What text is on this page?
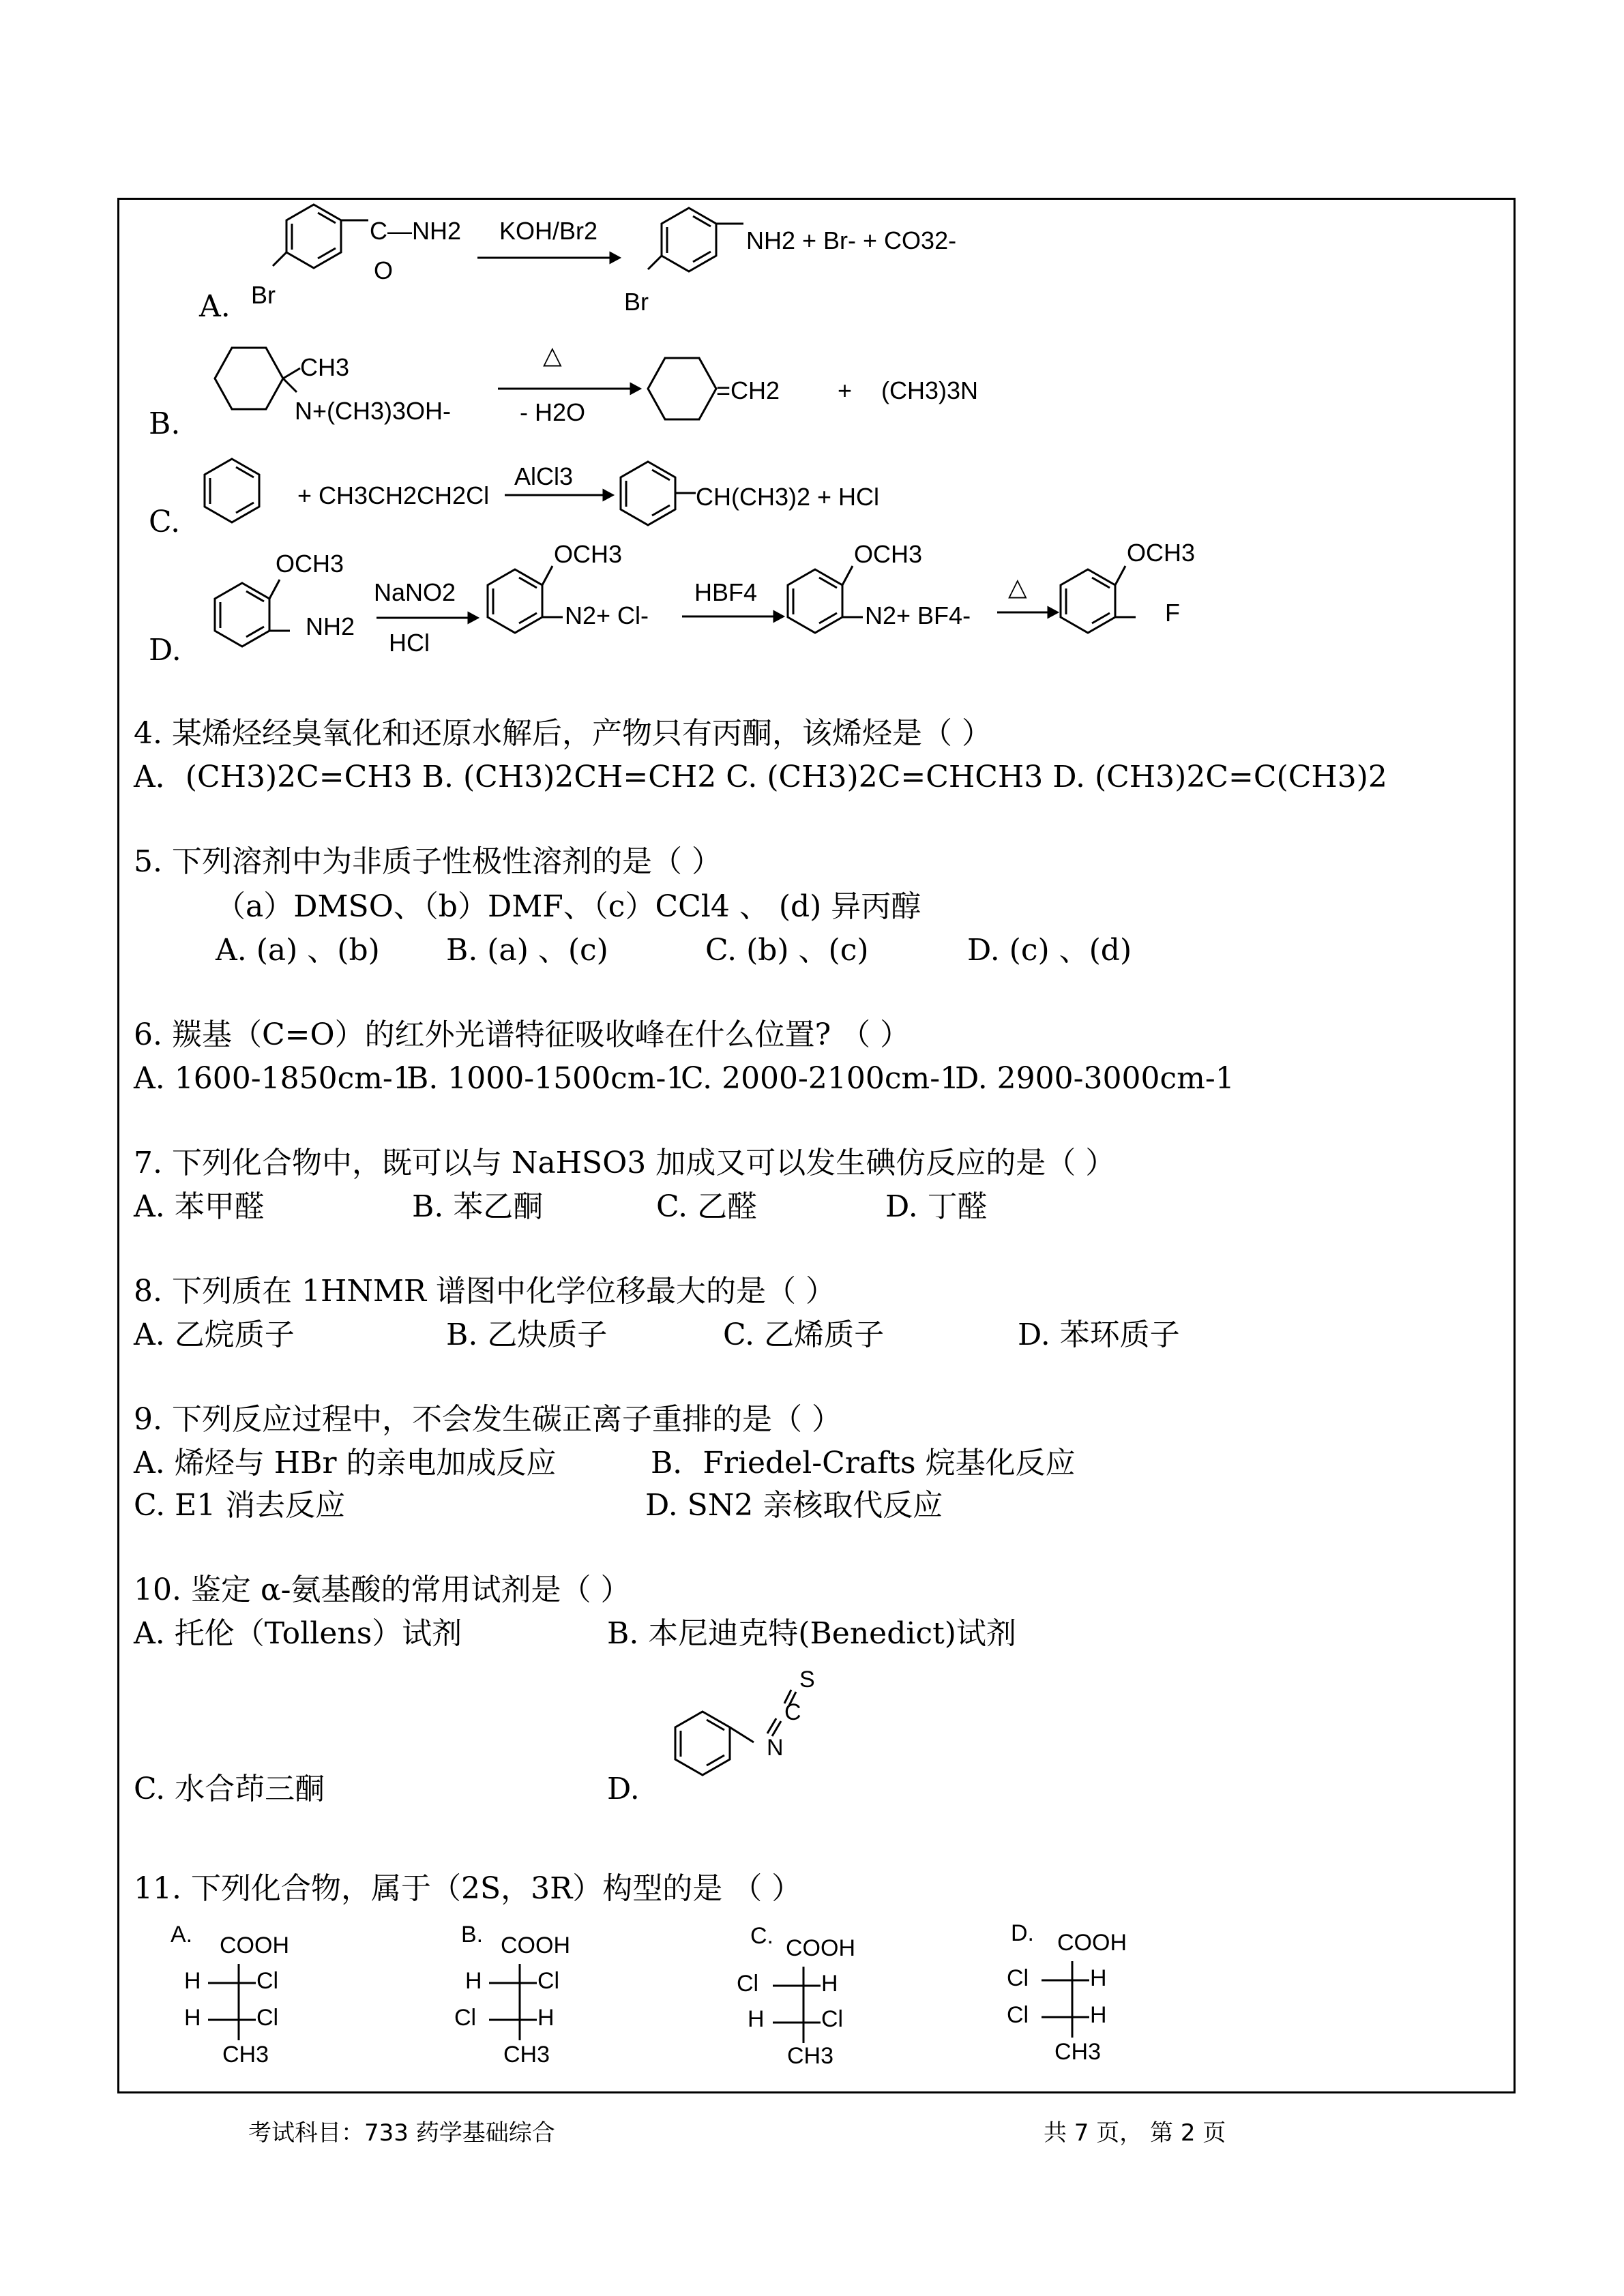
A.
C—NH2
O
Br
KOH/Br2	NH2 + Br- + CO32-
Br
B.
CH3
N+(CH3)3OH-
△
- H2O
=CH2 + (CH3)3N
C.
+ CH3CH2CH2Cl
AlCl3
CH(CH3)2 + HCl
D.
OCH3
NH2
NaNO2
HCl
OCH3
N2+ Cl-
HBF4
OCH3
N2+ BF4-
△
OCH3
F
4. 某烯烃经臭氧化和还原水解后，产物只有丙酮，该烯烃是（ ）
A．(CH3)2C=CH3 B. (CH3)2CH=CH2 C. (CH3)2C=CHCH3 D. (CH3)2C=C(CH3)2
5. 下列溶剂中为非质子性极性溶剂的是（ ）
（a）DMSO、（b）DMF、（c）CCl4 、 (d) 异丙醇
A. (a) 、(b) B. (a) 、(c)	C. (b) 、(c)	D. (c) 、(d)
6. 羰基（C=O）的红外光谱特征吸收峰在什么位置? （ ）
A. 1600-1850cm-1
B. 1000-1500cm-1
C. 2000-2100cm-1
D. 2900-3000cm-1
7. 下列化合物中，既可以与 NaHSO3 加成又可以发生碘仿反应的是（ ）
A. 苯甲醛	B. 苯乙酮	C. 乙醛	D. 丁醛
8. 下列质在 1HNMR 谱图中化学位移最大的是（ ）
A. 乙烷质子	B. 乙炔质子	C. 乙烯质子	D. 苯环质子
9. 下列反应过程中，不会发生碳正离子重排的是（ ）
A. 烯烃与 HBr 的亲电加成反应	B．Friedel-Crafts 烷基化反应
C. E1 消去反应	D. SN2 亲核取代反应
10. 鉴定 α-氨基酸的常用试剂是（ ）
A. 托伦（Tollens）试剂	B. 本尼迪克特(Benedict)试剂
C. 水合茚三酮	D.
N
C
S
11. 下列化合物，属于（2S，3R）构型的是 （ ）
A. COOH
H Cl
H Cl
CH3
B. COOH
H Cl
Cl	H
CH3
C. COOH
Cl	H
H Cl
CH3
D. COOH
Cl	H
Cl	H
CH3
考试科目：733 药学基础综合	共 7 页， 第 2 页
